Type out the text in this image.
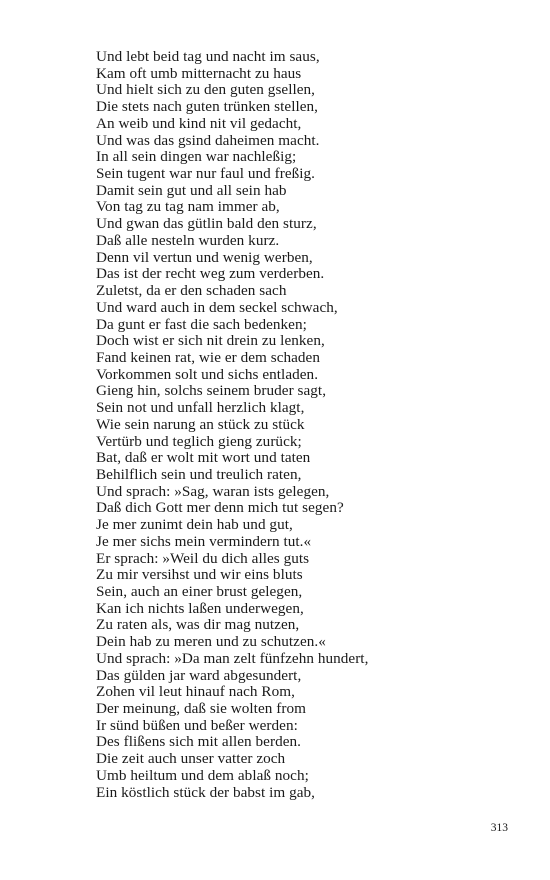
Und lebt beid tag und nacht im saus,
Kam oft umb mitternacht zu haus
Und hielt sich zu den guten gsellen,
Die stets nach guten trünken stellen,
An weib und kind nit vil gedacht,
Und was das gsind daheimen macht.
In all sein dingen war nachleßig;
Sein tugent war nur faul und freßig.
Damit sein gut und all sein hab
Von tag zu tag nam immer ab,
Und gwan das gütlin bald den sturz,
Daß alle nesteln wurden kurz.
Denn vil vertun und wenig werben,
Das ist der recht weg zum verderben.
Zuletst, da er den schaden sach
Und ward auch in dem seckel schwach,
Da gunt er fast die sach bedenken;
Doch wist er sich nit drein zu lenken,
Fand keinen rat, wie er dem schaden
Vorkommen solt und sichs entladen.
Gieng hin, solchs seinem bruder sagt,
Sein not und unfall herzlich klagt,
Wie sein narung an stück zu stück
Vertürb und teglich gieng zurück;
Bat, daß er wolt mit wort und taten
Behilflich sein und treulich raten,
Und sprach: »Sag, waran ists gelegen,
Daß dich Gott mer denn mich tut segen?
Je mer zunimt dein hab und gut,
Je mer sichs mein vermindern tut.«
Er sprach: »Weil du dich alles guts
Zu mir versihst und wir eins bluts
Sein, auch an einer brust gelegen,
Kan ich nichts laßen underwegen,
Zu raten als, was dir mag nutzen,
Dein hab zu meren und zu schutzen.«
Und sprach: »Da man zelt fünfzehn hundert,
Das gülden jar ward abgesundert,
Zohen vil leut hinauf nach Rom,
Der meinung, daß sie wolten from
Ir sünd büßen und beßer werden:
Des flißens sich mit allen berden.
Die zeit auch unser vatter zoch
Umb heiltum und dem ablaß noch;
Ein köstlich stück der babst im gab,
313
